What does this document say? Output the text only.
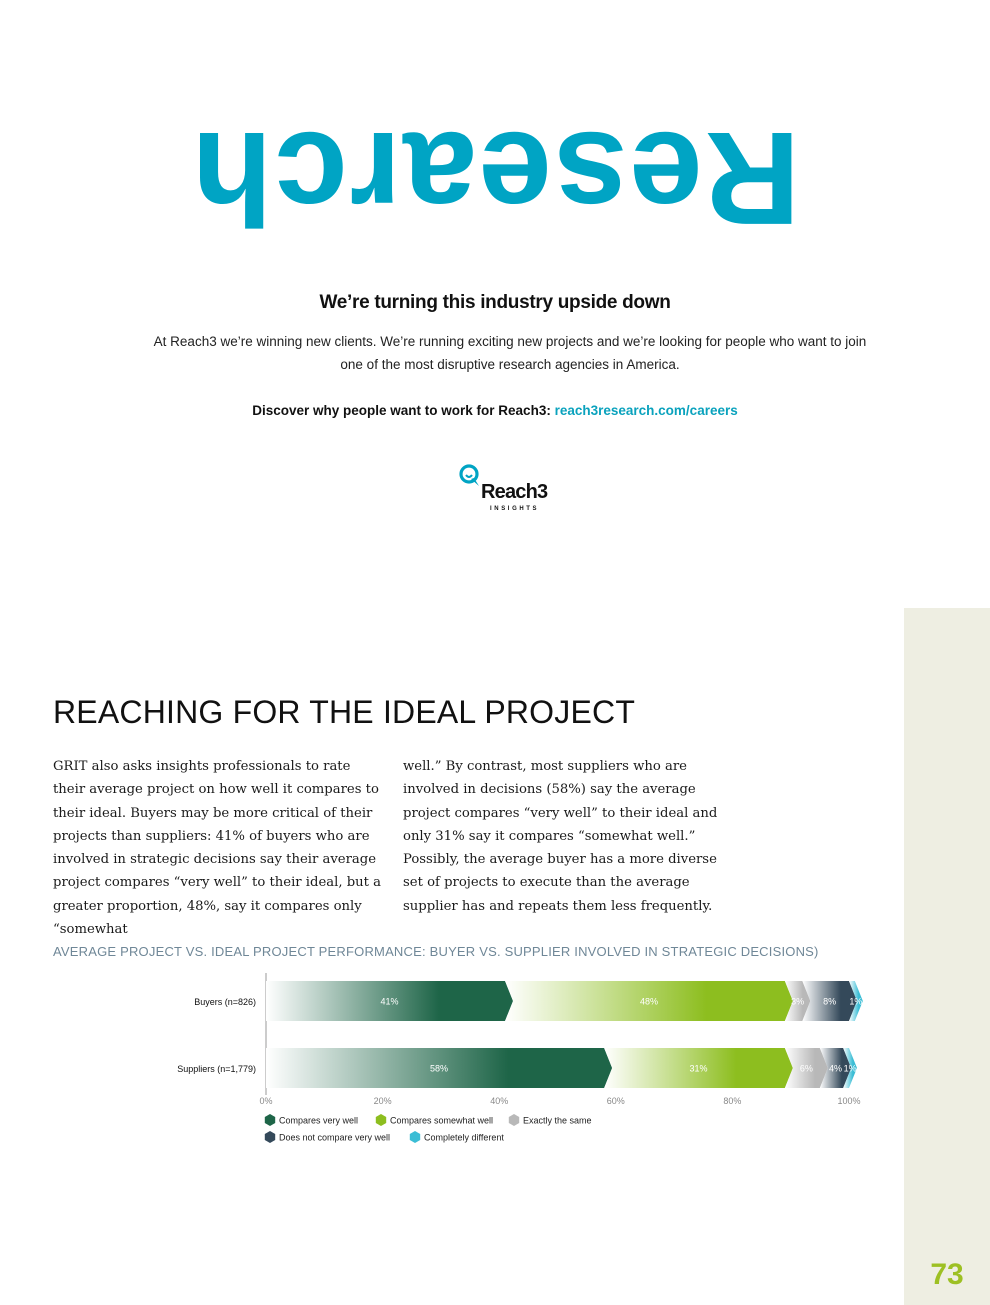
73
Research
We’re turning this industry upside down
At Reach3 we’re winning new clients. We’re running exciting new projects and we’re looking for people who want to join one of the most disruptive research agencies in America.
Discover why people want to work for Reach3: reach3research.com/careers
Reach3
INSIGHTS
REACHING FOR THE IDEAL PROJECT
GRIT also asks insights professionals to rate their average project on how well it compares to their ideal. Buyers may be more critical of their projects than suppliers: 41% of buyers who are involved in strategic decisions say their average project compares “very well” to their ideal, but a greater proportion, 48%, say it compares only “somewhat
well.” By contrast, most suppliers who are involved in decisions (58%) say the average project compares “very well” to their ideal and only 31% say it compares “somewhat well.” Possibly, the average buyer has a more diverse set of projects to execute than the average supplier has and repeats them less frequently.
AVERAGE PROJECT VS. IDEAL PROJECT PERFORMANCE: BUYER VS. SUPPLIER INVOLVED IN STRATEGIC DECISIONS)
Buyers (n=826)	41%	48%	3% 8% 1%
Suppliers (n=1,779)	58%	31%	6% 4% 1%
0%	20%	40%	60%	80%	100%
Compares very well	Compares somewhat well	Exactly the same
Does not compare very well	Completely different
